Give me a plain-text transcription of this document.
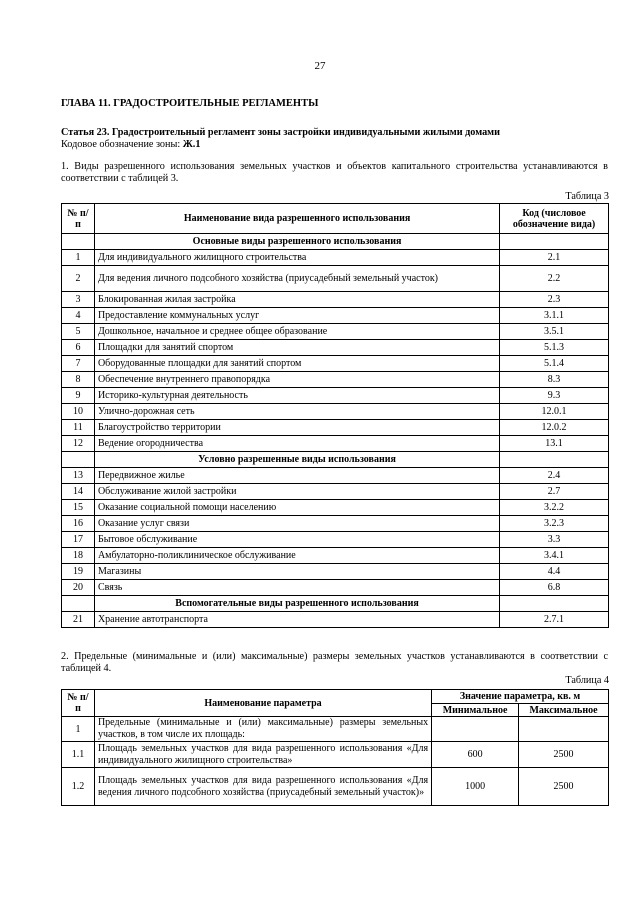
27
ГЛАВА 11. ГРАДОСТРОИТЕЛЬНЫЕ РЕГЛАМЕНТЫ
Статья 23. Градостроительный регламент зоны застройки индивидуальными жилыми домами
Кодовое обозначение зоны: Ж.1
1. Виды разрешенного использования земельных участков и объектов капитального строительства устанавливаются в соответствии с таблицей 3.
Таблица 3
№ п/п	Наименование вида разрешенного использования	Код (числовое обозначение вида)
	Основные виды разрешенного использования	
1	Для индивидуального жилищного строительства	2.1
2	Для ведения личного подсобного хозяйства (приусадебный земельный участок)	2.2
3	Блокированная жилая застройка	2.3
4	Предоставление коммунальных услуг	3.1.1
5	Дошкольное, начальное и среднее общее образование	3.5.1
6	Площадки для занятий спортом	5.1.3
7	Оборудованные площадки для занятий спортом	5.1.4
8	Обеспечение внутреннего правопорядка	8.3
9	Историко-культурная деятельность	9.3
10	Улично-дорожная сеть	12.0.1
11	Благоустройство территории	12.0.2
12	Ведение огородничества	13.1
	Условно разрешенные виды использования	
13	Передвижное жилье	2.4
14	Обслуживание жилой застройки	2.7
15	Оказание социальной помощи населению	3.2.2
16	Оказание услуг связи	3.2.3
17	Бытовое обслуживание	3.3
18	Амбулаторно-поликлиническое обслуживание	3.4.1
19	Магазины	4.4
20	Связь	6.8
	Вспомогательные виды разрешенного использования	
21	Хранение автотранспорта	2.7.1
2. Предельные (минимальные и (или) максимальные) размеры земельных участков устанавливаются в соответствии с таблицей 4.
Таблица 4
№ п/п	Наименование параметра	Значение параметра, кв. м	
		Минимальное	Максимальное
1	Предельные (минимальные и (или) максимальные) размеры земельных участков, в том числе их площадь:		
1.1	Площадь земельных участков для вида разрешенного использования «Для индивидуального жилищного строительства»	600	2500
1.2	Площадь земельных участков для вида разрешенного использования «Для ведения личного подсобного хозяйства (приусадебный земельный участок)»	1000	2500
